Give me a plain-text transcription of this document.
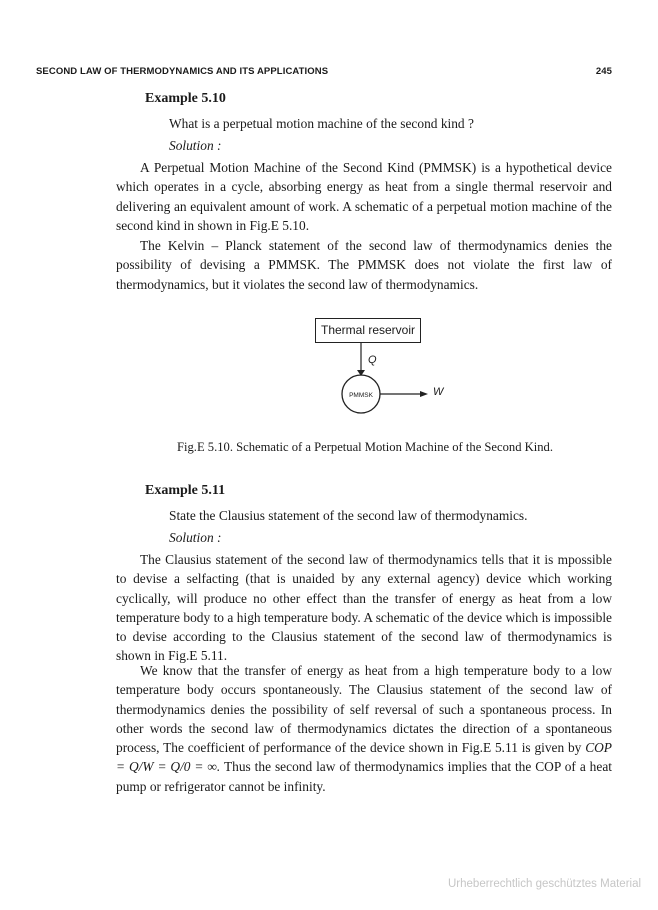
SECOND LAW OF THERMODYNAMICS AND ITS APPLICATIONS	245
Example 5.10

What is a perpetual motion machine of the second kind ?

Solution :

A Perpetual Motion Machine of the Second Kind (PMMSK) is a hypothetical device which operates in a cycle, absorbing energy as heat from a single thermal reservoir and delivering an equivalent amount of work. A schematic of a perpetual motion machine of the second kind in shown in Fig.E 5.10.

The Kelvin – Planck statement of the second law of thermodynamics denies the possibility of devising a PMMSK. The PMMSK does not violate the first law of thermodynamics, but it violates the second law of thermodynamics.

Thermal reservoir
Q
PMMSK	W
Fig.E 5.10. Schematic of a Perpetual Motion Machine of the Second Kind.
Example 5.11

State the Clausius statement of the second law of thermodynamics.

Solution :

The Clausius statement of the second law of thermodynamics tells that it is mpossible to devise a selfacting (that is unaided by any external agency) device which working cyclically, will produce no other effect than the transfer of energy as heat from a low temperature body to a high temperature body. A schematic of the device which is impossible to devise according to the Clausius statement of the second law of thermodynamics is shown in Fig.E 5.11.

We know that the transfer of energy as heat from a high temperature body to a low temperature body occurs spontaneously. The Clausius statement of the second law of thermodynamics denies the possibility of self reversal of such a spontaneous process. In other words the second law of thermodynamics dictates the direction of a spontaneous process, The coefficient of performance of the device shown in Fig.E 5.11 is given by COP = Q/W = Q/0 = ∞. Thus the second law of thermodynamics implies that the COP of a heat pump or refrigerator cannot be infinity.

Urheberrechtlich geschütztes Material
